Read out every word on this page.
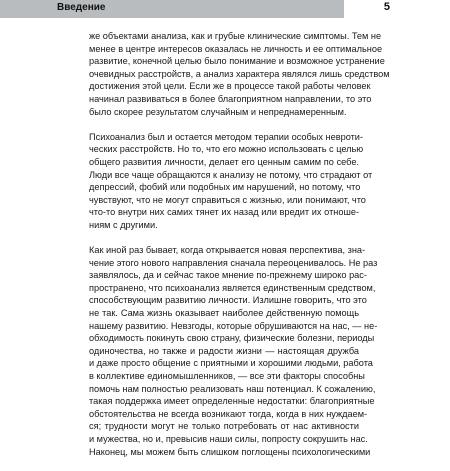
Введение	5
же объектами анализа, как и грубые клинические симптомы. Тем не
менее в центре интересов оказалась не личность и ее оптимальное
развитие, конечной целью было понимание и возможное устранение
очевидных расстройств, а анализ характера являлся лишь средством
достижения этой цели. Если же в процессе такой работы человек
начинал развиваться в более благоприятном направлении, то это
было скорее результатом случайным и непреднамеренным.
Психоанализ был и остается методом терапии особых невроти-
ческих расстройств. Но то, что его можно использовать с целью
общего развития личности, делает его ценным самим по себе.
Люди все чаще обращаются к анализу не потому, что страдают от
депрессий, фобий или подобных им нарушений, но потому, что
чувствуют, что не могут справиться с жизнью, или понимают, что
что-то внутри них самих тянет их назад или вредит их отноше-
ниям с другими.
Как иной раз бывает, когда открывается новая перспектива, зна-
чение этого нового направления сначала переоценивалось. Не раз
заявлялось, да и сейчас такое мнение по-прежнему широко рас-
пространено, что психоанализ является единственным средством,
способствующим развитию личности. Излишне говорить, что это
не так. Сама жизнь оказывает наиболее действенную помощь
нашему развитию. Невзгоды, которые обрушиваются на нас, — не-
обходимость покинуть свою страну, физические болезни, периоды
одиночества, но также и радости жизни — настоящая дружба
и даже просто общение с приятными и хорошими людьми, работа
в коллективе единомышленников, — все эти факторы способны
помочь нам полностью реализовать наш потенциал. К сожалению,
такая поддержка имеет определенные недостатки: благоприятные
обстоятельства не всегда возникают тогда, когда в них нуждаем-
ся; трудности могут не только потребовать от нас активности
и мужества, но и, превысив наши силы, попросту сокрушить нас.
Наконец, мы можем быть слишком поглощены психологическими
